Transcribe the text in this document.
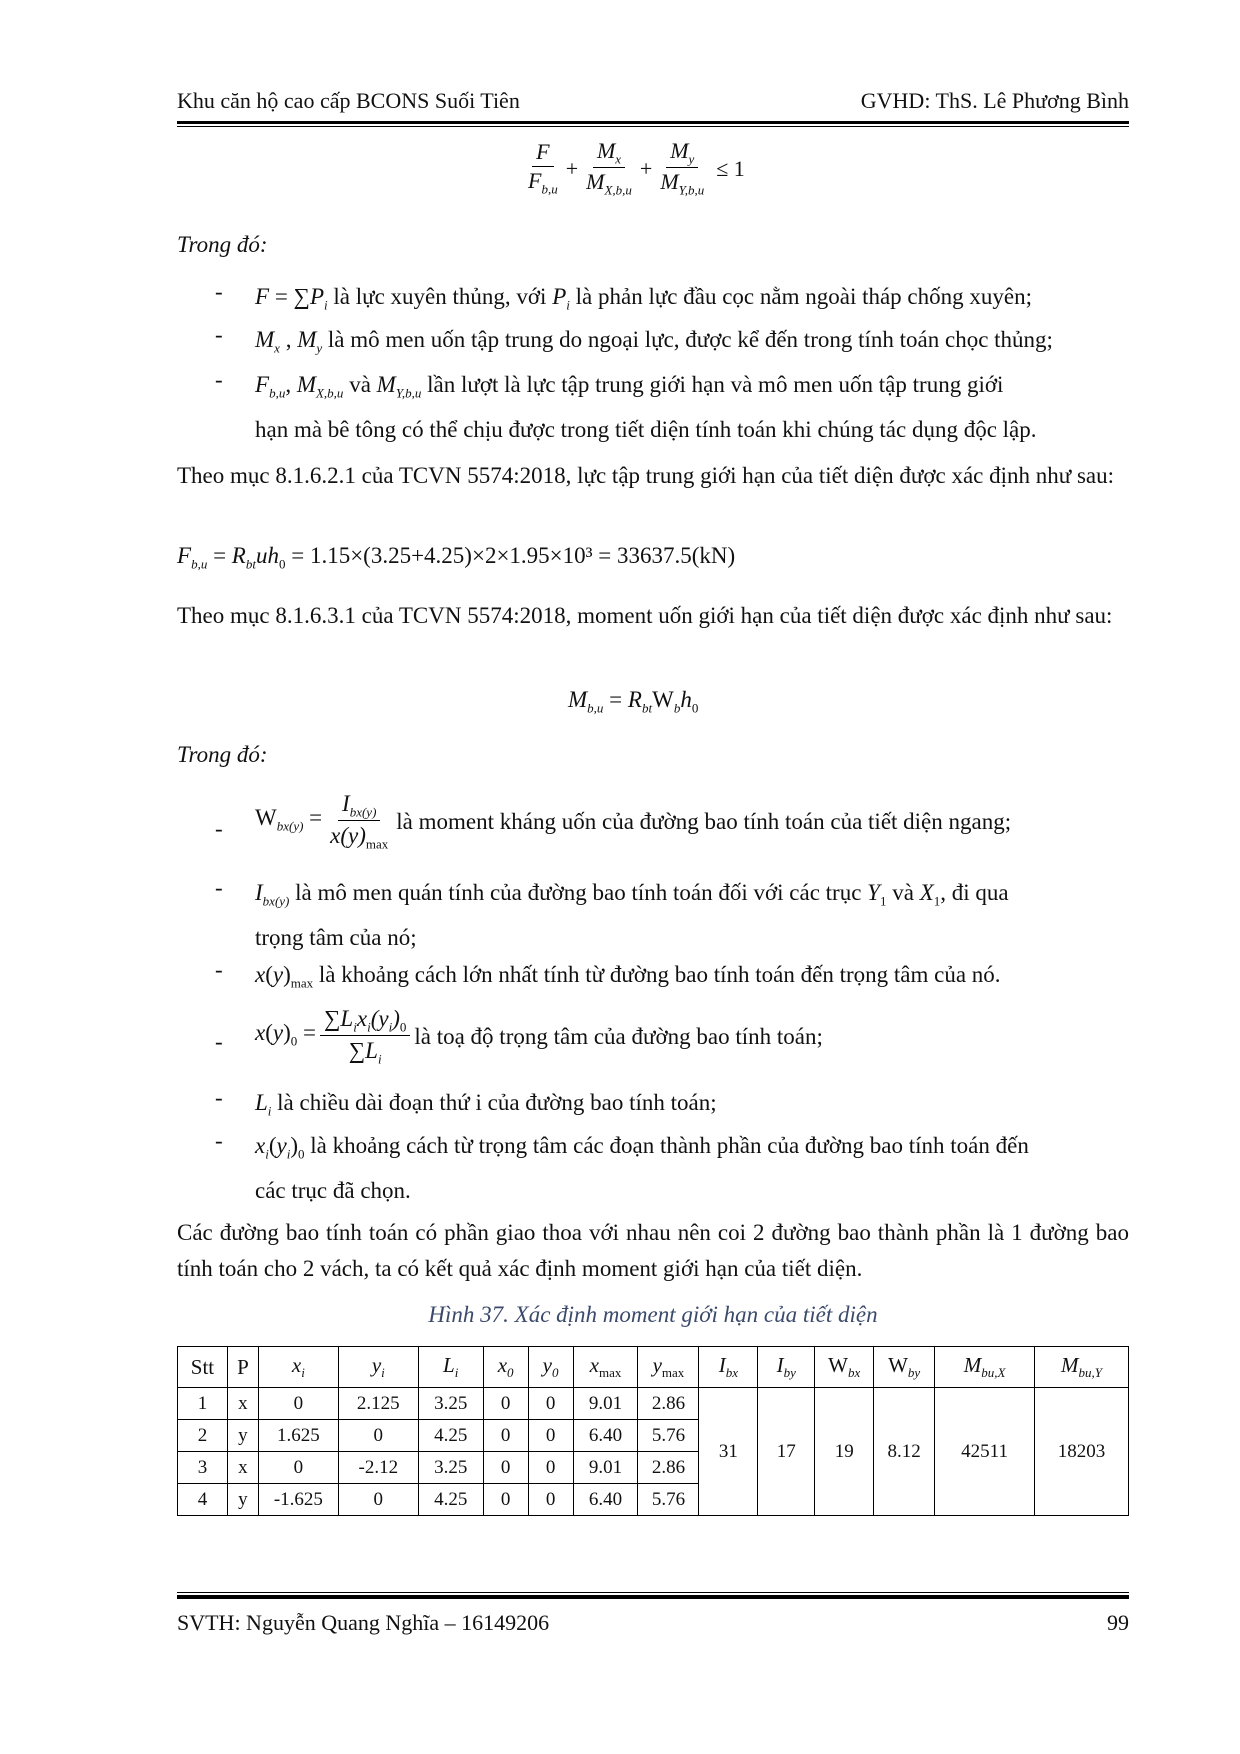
Khu căn hộ cao cấp BCONS Suối Tiên	GVHD: ThS. Lê Phương Bình
$\frac{F}{F_{b,u}} + \frac{M_x}{M_{X,b,u}} + \frac{M_y}{M_{Y,b,u}} \le 1$
Trong đó:
- $F = \sum P_i$ là lực xuyên thủng, với $P_i$ là phản lực đầu cọc nằm ngoài tháp chống xuyên;
- $M_x$ , $M_y$ là mô men uốn tập trung do ngoại lực, được kể đến trong tính toán chọc thủng;
- $F_{b,u}$, $M_{X,b,u}$ và $M_{Y,b,u}$ lần lượt là lực tập trung giới hạn và mô men uốn tập trung giới
hạn mà bê tông có thể chịu được trong tiết diện tính toán khi chúng tác dụng độc lập.
Theo mục 8.1.6.2.1 của TCVN 5574:2018, lực tập trung giới hạn của tiết diện được xác định như sau:
$F_{b,u} = R_{bt}uh_0 = 1.15\times(3.25+4.25)\times 2\times 1.95\times 10^3 = 33637.5(kN)$
Theo mục 8.1.6.3.1 của TCVN 5574:2018, moment uốn giới hạn của tiết diện được xác định như sau:
$M_{b,u} = R_{bt}W_bh_0$
Trong đó:
- $W_{bx(y)} = \frac{I_{bx(y)}}{x(y)_{max}}$ là moment kháng uốn của đường bao tính toán của tiết diện ngang;
- $I_{bx(y)}$ là mô men quán tính của đường bao tính toán đối với các trục $Y_1$ và $X_1$, đi qua
trọng tâm của nó;
- $x(y)_{max}$ là khoảng cách lớn nhất tính từ đường bao tính toán đến trọng tâm của nó.
- $x(y)_0 = \frac{\sum L_ix_i(y_i)_0}{\sum L_i}$ là toạ độ trọng tâm của đường bao tính toán;
- $L_i$ là chiều dài đoạn thứ i của đường bao tính toán;
- $x_i(y_i)_0$ là khoảng cách từ trọng tâm các đoạn thành phần của đường bao tính toán đến
các trục đã chọn.
Các đường bao tính toán có phần giao thoa với nhau nên coi 2 đường bao thành phần là 1 đường bao tính toán cho 2 vách, ta có kết quả xác định moment giới hạn của tiết diện.
Hình 37. Xác định moment giới hạn của tiết diện
Stt	P	$x_i$	$y_i$	$L_i$	$x_0$	$y_0$	$x_{max}$	$y_{max}$	$I_{bx}$	$I_{by}$	$W_{bx}$	$W_{by}$	$M_{bu,X}$	$M_{bu,Y}$
1	x	0	2.125	3.25	0	0	9.01	2.86	31	17	19	8.12	42511	18203
2	y	1.625	0	4.25	0	0	6.40	5.76						
3	x	0	-2.12	3.25	0	0	9.01	2.86						
4	y	-1.625	0	4.25	0	0	6.40	5.76						
SVTH: Nguyễn Quang Nghĩa – 16149206	99
